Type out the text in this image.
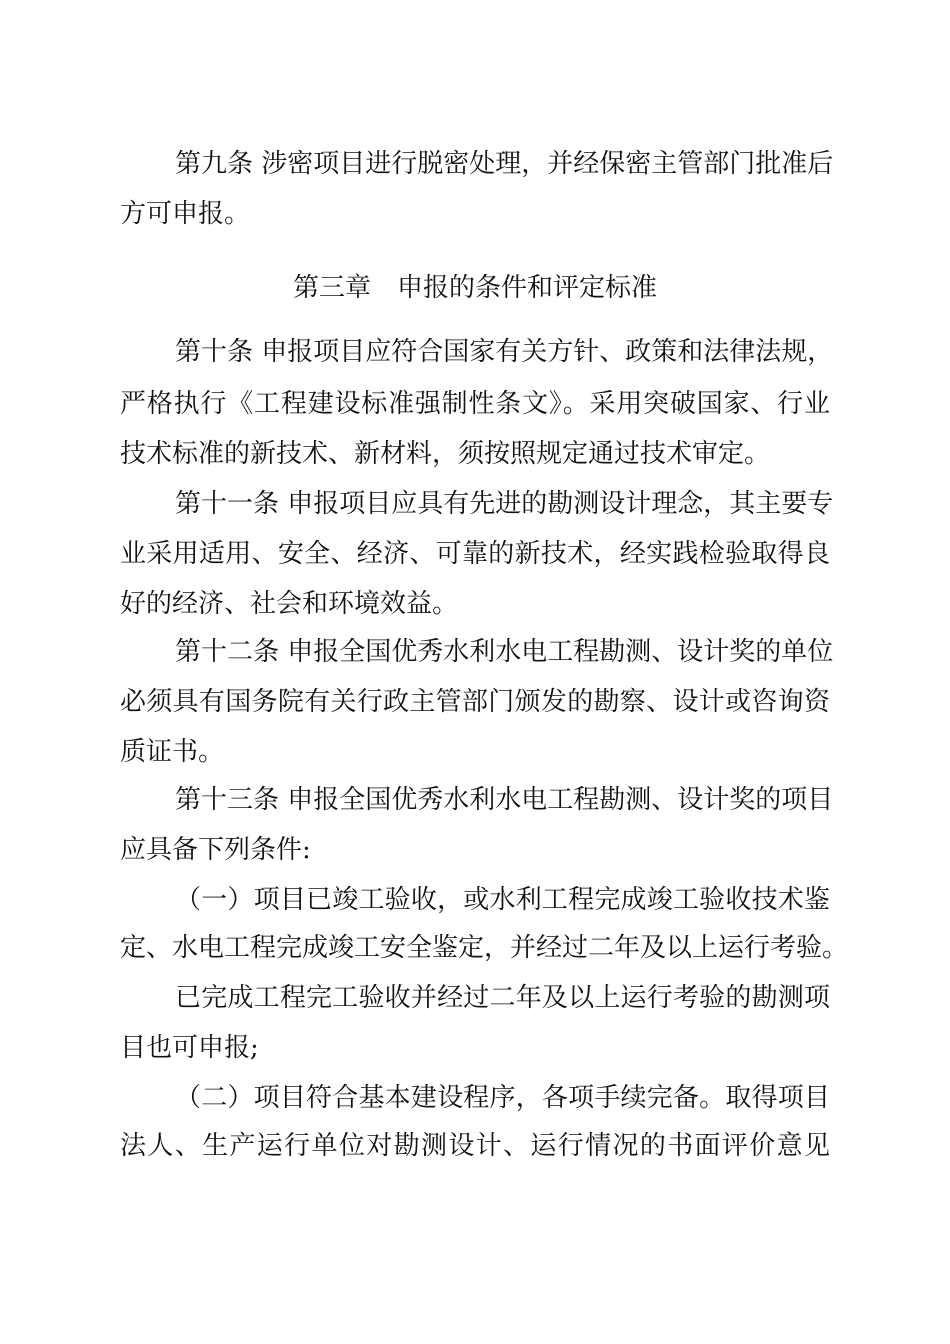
第九条 涉密项目进行脱密处理，并经保密主管部门批准后
方可申报。
第三章　申报的条件和评定标准
第十条 申报项目应符合国家有关方针、政策和法律法规，
严格执行《工程建设标准强制性条文》。采用突破国家、行业
技术标准的新技术、新材料，须按照规定通过技术审定。
第十一条 申报项目应具有先进的勘测设计理念，其主要专
业采用适用、安全、经济、可靠的新技术，经实践检验取得良
好的经济、社会和环境效益。
第十二条 申报全国优秀水利水电工程勘测、设计奖的单位
必须具有国务院有关行政主管部门颁发的勘察、设计或咨询资
质证书。
第十三条 申报全国优秀水利水电工程勘测、设计奖的项目
应具备下列条件:
（一）项目已竣工验收，或水利工程完成竣工验收技术鉴
定、水电工程完成竣工安全鉴定，并经过二年及以上运行考验。
已完成工程完工验收并经过二年及以上运行考验的勘测项
目也可申报;
（二）项目符合基本建设程序，各项手续完备。取得项目
法人、生产运行单位对勘测设计、运行情况的书面评价意见
